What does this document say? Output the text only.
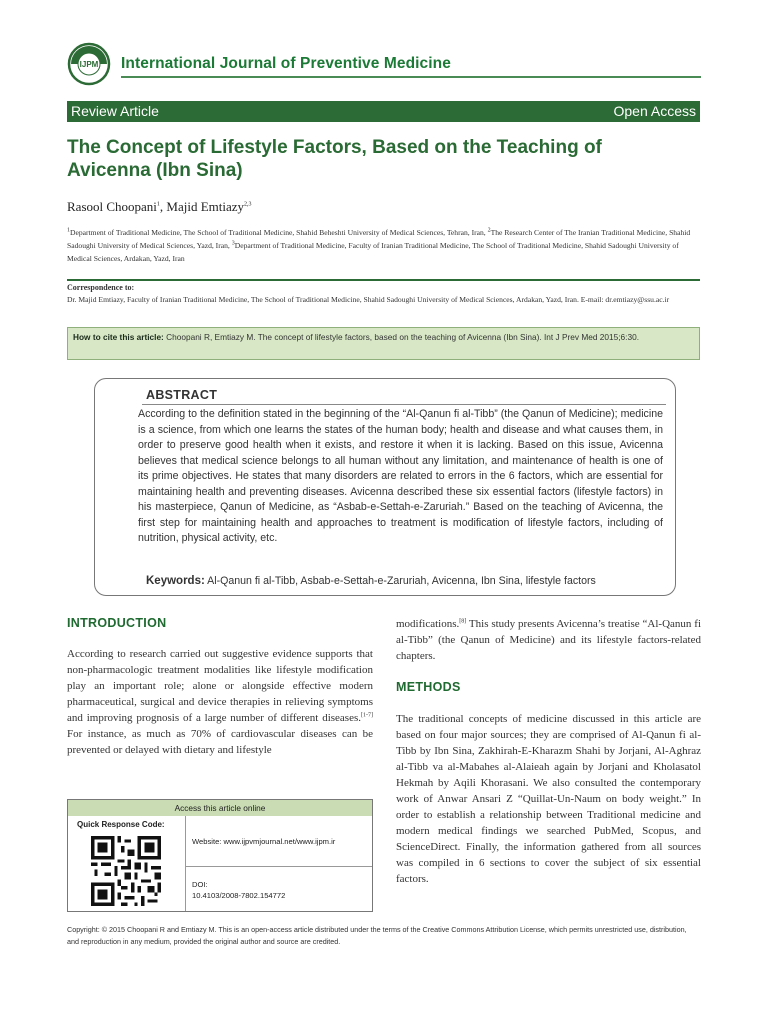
IJPM International Journal of Preventive Medicine
Review Article	Open Access
The Concept of Lifestyle Factors, Based on the Teaching of Avicenna (Ibn Sina)
Rasool Choopani$^1$, Majid Emtiazy$^{2,3}$
$^1$Department of Traditional Medicine, The School of Traditional Medicine, Shahid Beheshti University of Medical Sciences, Tehran, Iran, $^2$The Research Center of The Iranian Traditional Medicine, Shahid Sadoughi University of Medical Sciences, Yazd, Iran, $^3$Department of Traditional Medicine, Faculty of Iranian Traditional Medicine, The School of Traditional Medicine, Shahid Sadoughi University of Medical Sciences, Ardakan, Yazd, Iran
Correspondence to:
Dr. Majid Emtiazy, Faculty of Iranian Traditional Medicine, The School of Traditional Medicine, Shahid Sadoughi University of Medical Sciences, Ardakan, Yazd, Iran. E-mail: dr.emtiazy@ssu.ac.ir
How to cite this article: Choopani R, Emtiazy M. The concept of lifestyle factors, based on the teaching of Avicenna (Ibn Sina). Int J Prev Med 2015;6:30.
ABSTRACT
According to the definition stated in the beginning of the “Al-Qanun fi al-Tibb” (the Qanun of Medicine); medicine is a science, from which one learns the states of the human body; health and disease and what causes them, in order to preserve good health when it exists, and restore it when it is lacking. Based on this issue, Avicenna believes that medical science belongs to all human without any limitation, and maintenance of health is one of its prime objectives. He states that many disorders are related to errors in the 6 factors, which are essential for maintaining health and preventing diseases. Avicenna described these six essential factors (lifestyle factors) in his masterpiece, Qanun of Medicine, as “Asbab-e-Settah-e-Zaruriah.” Based on the teaching of Avicenna, the first step for maintaining health and approaches to treatment is modification of lifestyle factors, including of nutrition, physical activity, etc.
Keywords: Al-Qanun fi al-Tibb, Asbab-e-Settah-e-Zaruriah, Avicenna, Ibn Sina, lifestyle factors
INTRODUCTION
According to research carried out suggestive evidence supports that non-pharmacologic treatment modalities like lifestyle modification play an important role; alone or alongside effective modern pharmaceutical, surgical and device therapies in relieving symptoms and improving prognosis of a large number of different diseases.[1-7] For instance, as much as 70% of cardiovascular diseases can be prevented or delayed with dietary and lifestyle
modifications.[8] This study presents Avicenna’s treatise “Al-Qanun fi al-Tibb” (the Qanun of Medicine) and its lifestyle factors-related chapters.
METHODS
The traditional concepts of medicine discussed in this article are based on four major sources; they are comprised of Al-Qanun fi al-Tibb by Ibn Sina, Zakhirah-E-Kharazm Shahi by Jorjani, Al-Aghraz al-Tibb va al-Mabahes al-Alaieah again by Jorjani and Kholasatol Hekmah by Aqili Khorasani. We also consulted the contemporary work of Anwar Ansari Z “Quillat-Un-Naum on body weight.” In order to establish a relationship between Traditional medicine and modern medical findings we searched PubMed, Scopus, and ScienceDirect. Finally, the information gathered from all sources was compiled in 6 sections to cover the subject of six essential factors.
Access this article online
Quick Response Code:
Website: www.ijpvmjournal.net/www.ijpm.ir
DOI:
10.4103/2008-7802.154772
Copyright: © 2015 Choopani R and Emtiazy M. This is an open-access article distributed under the terms of the Creative Commons Attribution License, which permits unrestricted use, distribution, and reproduction in any medium, provided the original author and source are credited.
